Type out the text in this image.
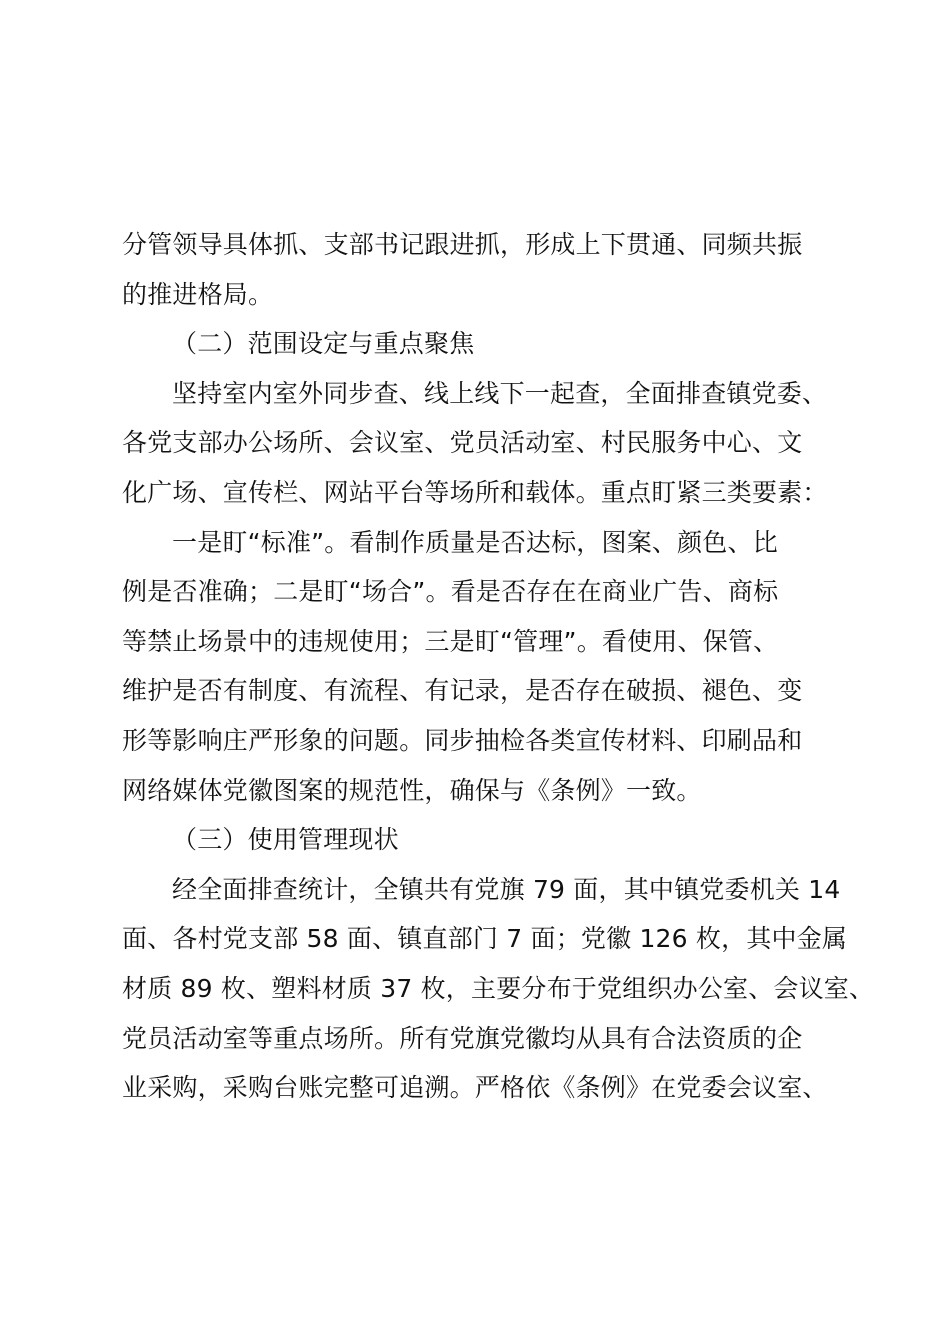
分管领导具体抓、支部书记跟进抓，形成上下贯通、同频共振
的推进格局。
（二）范围设定与重点聚焦
坚持室内室外同步查、线上线下一起查，全面排查镇党委、
各党支部办公场所、会议室、党员活动室、村民服务中心、文
化广场、宣传栏、网站平台等场所和载体。重点盯紧三类要素：
一是盯“标准”。看制作质量是否达标，图案、颜色、比
例是否准确；二是盯“场合”。看是否存在在商业广告、商标
等禁止场景中的违规使用；三是盯“管理”。看使用、保管、
维护是否有制度、有流程、有记录，是否存在破损、褪色、变
形等影响庄严形象的问题。同步抽检各类宣传材料、印刷品和
网络媒体党徽图案的规范性，确保与《条例》一致。
（三）使用管理现状
经全面排查统计，全镇共有党旗 79 面，其中镇党委机关 14
面、各村党支部 58 面、镇直部门 7 面；党徽 126 枚，其中金属
材质 89 枚、塑料材质 37 枚，主要分布于党组织办公室、会议室、
党员活动室等重点场所。所有党旗党徽均从具有合法资质的企
业采购，采购台账完整可追溯。严格依《条例》在党委会议室、
